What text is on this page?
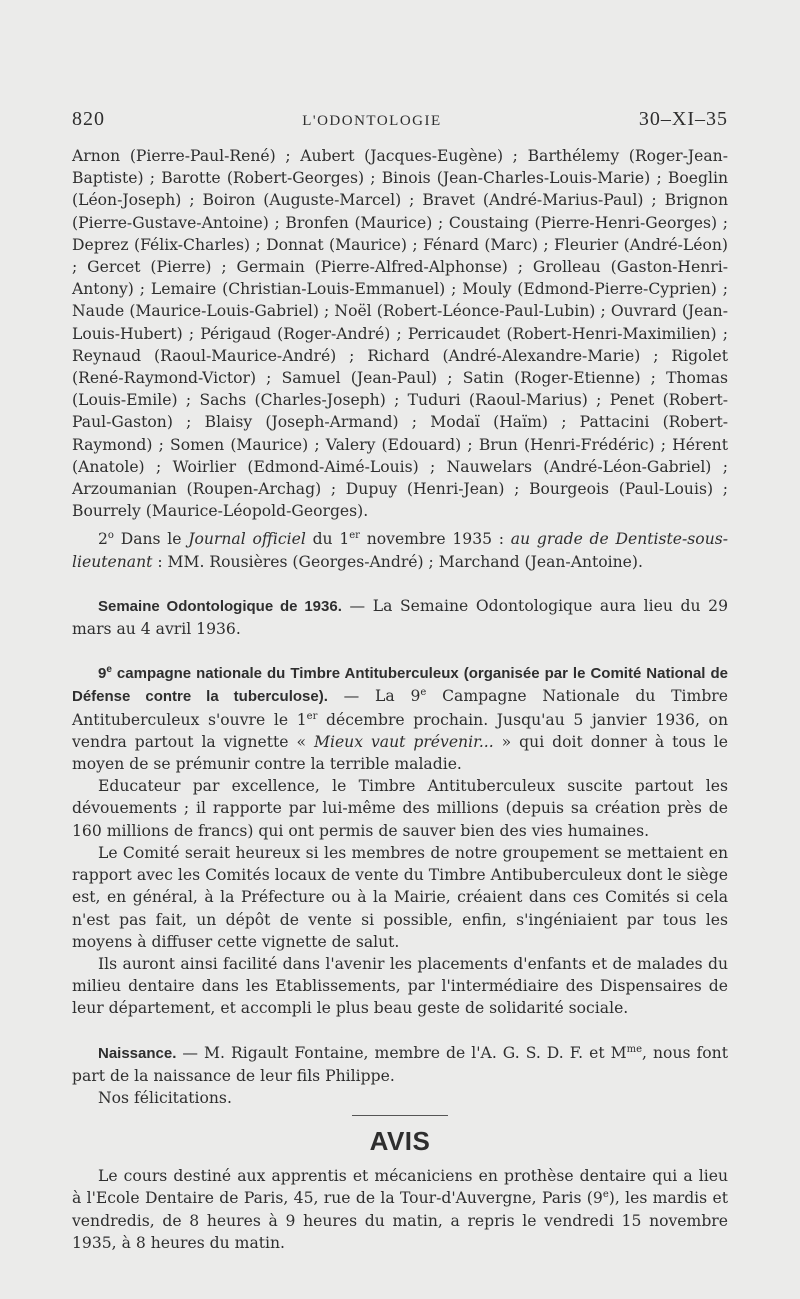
820	L'ODONTOLOGIE	30–XI–35

Arnon (Pierre-Paul-René) ; Aubert (Jacques-Eugène) ; Barthélemy (Roger-Jean-Baptiste) ; Barotte (Robert-Georges) ; Binois (Jean-Charles-Louis-Marie) ; Boeglin (Léon-Joseph) ; Boiron (Auguste-Marcel) ; Bravet (André-Marius-Paul) ; Brignon (Pierre-Gustave-Antoine) ; Bronfen (Maurice) ; Coustaing (Pierre-Henri-Georges) ; Deprez (Félix-Charles) ; Donnat (Maurice) ; Fénard (Marc) ; Fleurier (André-Léon) ; Gercet (Pierre) ; Germain (Pierre-Alfred-Alphonse) ; Grolleau (Gaston-Henri-Antony) ; Lemaire (Christian-Louis-Emmanuel) ; Mouly (Edmond-Pierre-Cyprien) ; Naude (Maurice-Louis-Gabriel) ; Noël (Robert-Léonce-Paul-Lubin) ; Ouvrard (Jean-Louis-Hubert) ; Périgaud (Roger-André) ; Perricaudet (Robert-Henri-Maximilien) ; Reynaud (Raoul-Maurice-André) ; Richard (André-Alexandre-Marie) ; Rigolet (René-Raymond-Victor) ; Samuel (Jean-Paul) ; Satin (Roger-Etienne) ; Thomas (Louis-Emile) ; Sachs (Charles-Joseph) ; Tuduri (Raoul-Marius) ; Penet (Robert-Paul-Gaston) ; Blaisy (Joseph-Armand) ; Modaï (Haïm) ; Pattacini (Robert-Raymond) ; Somen (Maurice) ; Valery (Edouard) ; Brun (Henri-Frédéric) ; Hérent (Anatole) ; Woirlier (Edmond-Aimé-Louis) ; Nauwelars (André-Léon-Gabriel) ; Arzoumanian (Roupen-Archag) ; Dupuy (Henri-Jean) ; Bourgeois (Paul-Louis) ; Bourrely (Maurice-Léopold-Georges).

2$^o$ Dans le Journal officiel du 1er novembre 1935 : au grade de Dentiste-sous-lieutenant : MM. Rousières (Georges-André) ; Marchand (Jean-Antoine).

Semaine Odontologique de 1936. — La Semaine Odontologique aura lieu du 29 mars au 4 avril 1936.

9e campagne nationale du Timbre Antituberculeux (organisée par le Comité National de Défense contre la tuberculose). — La 9e Campagne Nationale du Timbre Antituberculeux s'ouvre le 1er décembre prochain. Jusqu'au 5 janvier 1936, on vendra partout la vignette « Mieux vaut prévenir... » qui doit donner à tous le moyen de se prémunir contre la terrible maladie.

Educateur par excellence, le Timbre Antituberculeux suscite partout les dévouements ; il rapporte par lui-même des millions (depuis sa création près de 160 millions de francs) qui ont permis de sauver bien des vies humaines.

Le Comité serait heureux si les membres de notre groupement se mettaient en rapport avec les Comités locaux de vente du Timbre Antibuberculeux dont le siège est, en général, à la Préfecture ou à la Mairie, créaient dans ces Comités si cela n'est pas fait, un dépôt de vente si possible, enfin, s'ingéniaient par tous les moyens à diffuser cette vignette de salut.

Ils auront ainsi facilité dans l'avenir les placements d'enfants et de malades du milieu dentaire dans les Etablissements, par l'intermédiaire des Dispensaires de leur département, et accompli le plus beau geste de solidarité sociale.

Naissance. — M. Rigault Fontaine, membre de l'A. G. S. D. F. et $M^{me}$, nous font part de la naissance de leur fils Philippe.

Nos félicitations.

AVIS

Le cours destiné aux apprentis et mécaniciens en prothèse dentaire qui a lieu à l'Ecole Dentaire de Paris, 45, rue de la Tour-d'Auvergne, Paris (9e), les mardis et vendredis, de 8 heures à 9 heures du matin, a repris le vendredi 15 novembre 1935, à 8 heures du matin.
